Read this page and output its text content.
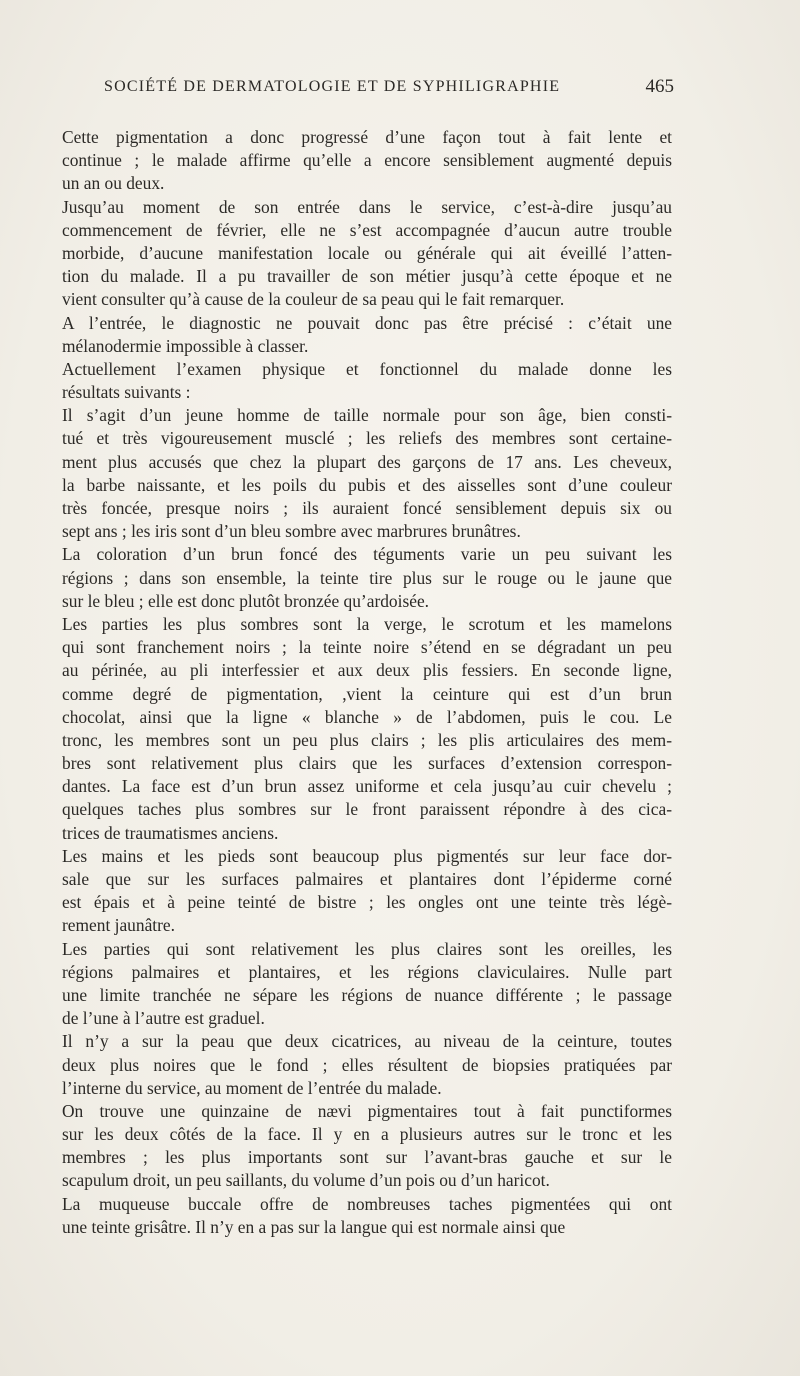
SOCIÉTÉ DE DERMATOLOGIE ET DE SYPHILIGRAPHIE	465

Cette pigmentation a donc progressé d’une façon tout à fait lente et
continue ; le malade affirme qu’elle a encore sensiblement augmenté depuis
un an ou deux.

Jusqu’au moment de son entrée dans le service, c’est-à-dire jusqu’au
commencement de février, elle ne s’est accompagnée d’aucun autre trouble
morbide, d’aucune manifestation locale ou générale qui ait éveillé l’atten-
tion du malade. Il a pu travailler de son métier jusqu’à cette époque et ne
vient consulter qu’à cause de la couleur de sa peau qui le fait remarquer.

A l’entrée, le diagnostic ne pouvait donc pas être précisé : c’était une
mélanodermie impossible à classer.

Actuellement l’examen physique et fonctionnel du malade donne les
résultats suivants :

Il s’agit d’un jeune homme de taille normale pour son âge, bien consti-
tué et très vigoureusement musclé ; les reliefs des membres sont certaine-
ment plus accusés que chez la plupart des garçons de 17 ans. Les cheveux,
la barbe naissante, et les poils du pubis et des aisselles sont d’une couleur
très foncée, presque noirs ; ils auraient foncé sensiblement depuis six ou
sept ans ; les iris sont d’un bleu sombre avec marbrures brunâtres.

La coloration d’un brun foncé des téguments varie un peu suivant les
régions ; dans son ensemble, la teinte tire plus sur le rouge ou le jaune que
sur le bleu ; elle est donc plutôt bronzée qu’ardoisée.

Les parties les plus sombres sont la verge, le scrotum et les mamelons
qui sont franchement noirs ; la teinte noire s’étend en se dégradant un peu
au périnée, au pli interfessier et aux deux plis fessiers. En seconde ligne,
comme degré de pigmentation, ,vient la ceinture qui est d’un brun
chocolat, ainsi que la ligne « blanche » de l’abdomen, puis le cou. Le
tronc, les membres sont un peu plus clairs ; les plis articulaires des mem-
bres sont relativement plus clairs que les surfaces d’extension correspon-
dantes. La face est d’un brun assez uniforme et cela jusqu’au cuir chevelu ;
quelques taches plus sombres sur le front paraissent répondre à des cica-
trices de traumatismes anciens.

Les mains et les pieds sont beaucoup plus pigmentés sur leur face dor-
sale que sur les surfaces palmaires et plantaires dont l’épiderme corné
est épais et à peine teinté de bistre ; les ongles ont une teinte très légè-
rement jaunâtre.

Les parties qui sont relativement les plus claires sont les oreilles, les
régions palmaires et plantaires, et les régions claviculaires. Nulle part
une limite tranchée ne sépare les régions de nuance différente ; le passage
de l’une à l’autre est graduel.

Il n’y a sur la peau que deux cicatrices, au niveau de la ceinture, toutes
deux plus noires que le fond ; elles résultent de biopsies pratiquées par
l’interne du service, au moment de l’entrée du malade.

On trouve une quinzaine de nævi pigmentaires tout à fait punctiformes
sur les deux côtés de la face. Il y en a plusieurs autres sur le tronc et les
membres ; les plus importants sont sur l’avant-bras gauche et sur le
scapulum droit, un peu saillants, du volume d’un pois ou d’un haricot.

La muqueuse buccale offre de nombreuses taches pigmentées qui ont
une teinte grisâtre. Il n’y en a pas sur la langue qui est normale ainsi que
